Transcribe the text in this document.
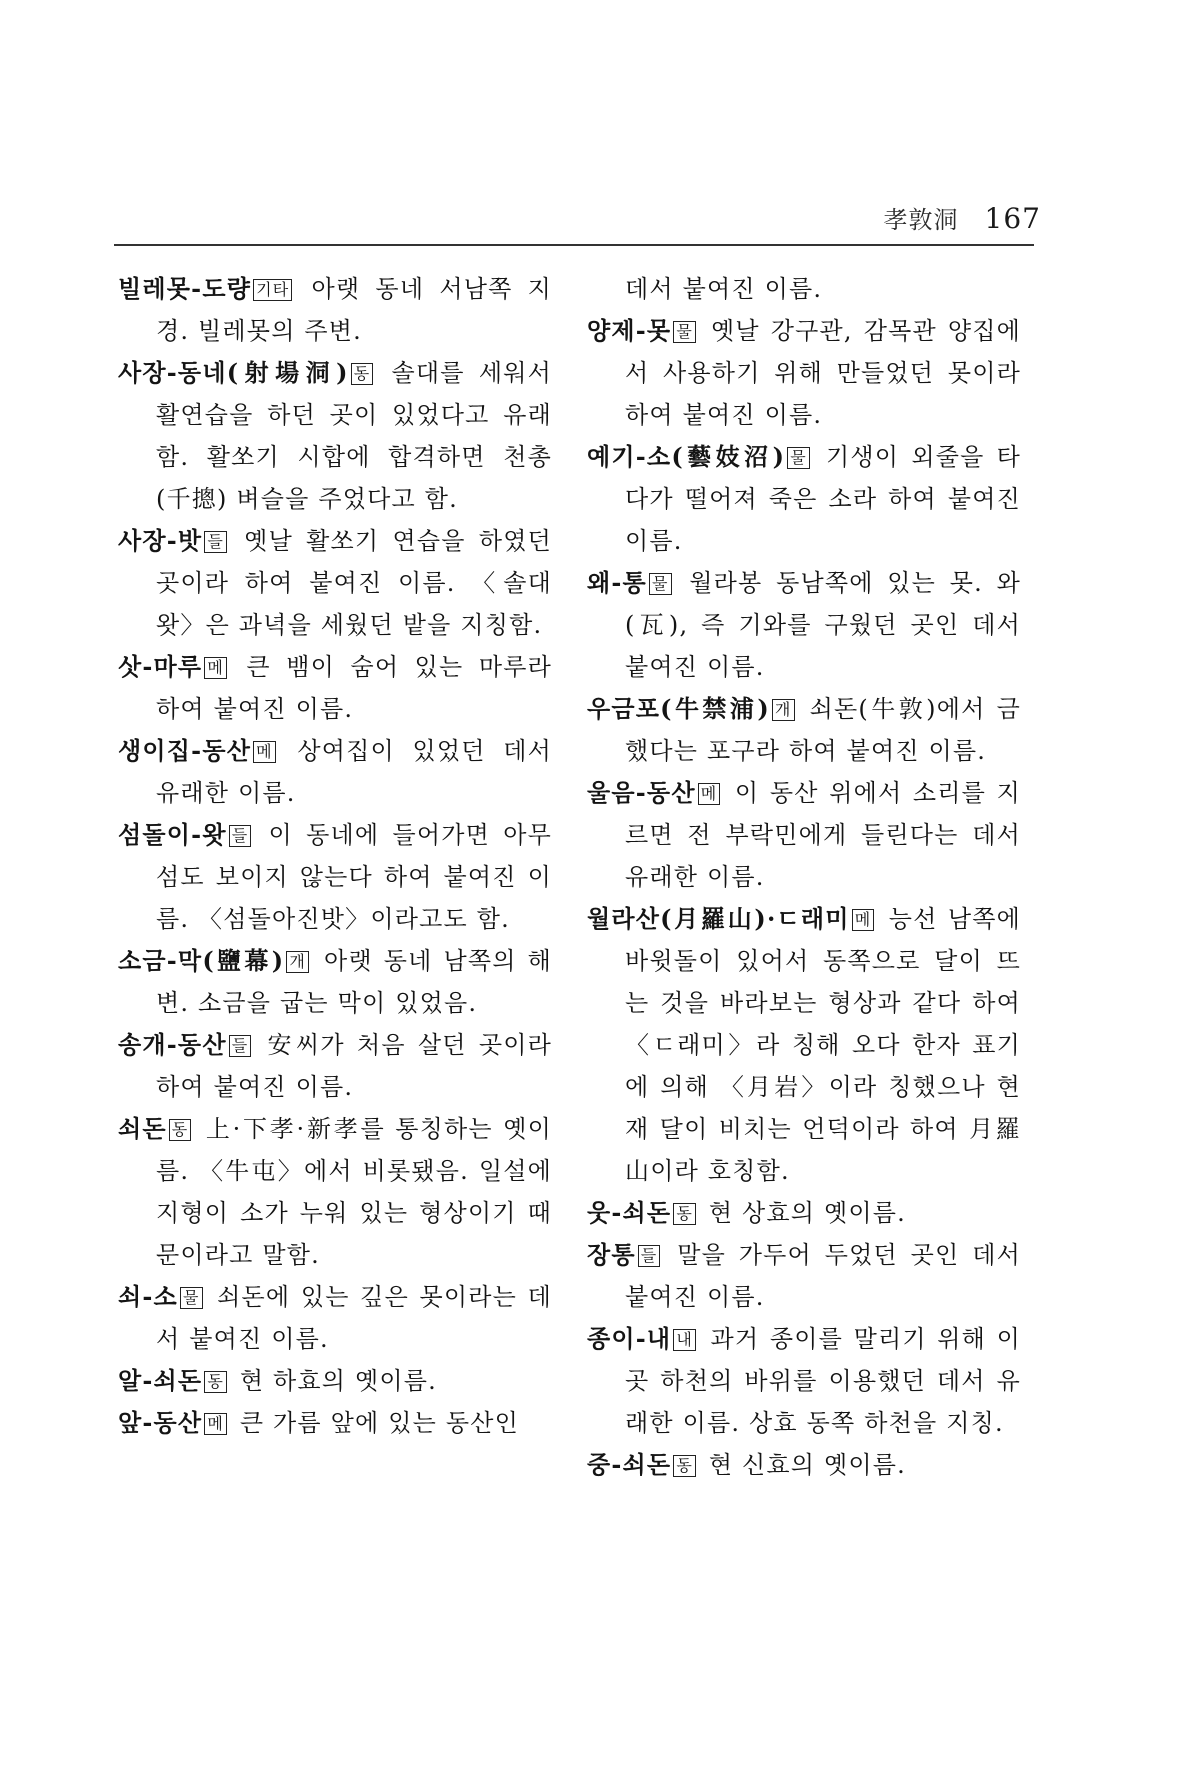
孝敦洞 167

빌레못-도량 기타 아랫 동네 서남쪽 지경. 빌레못의 주변.

사장-동네(射場洞) 동 솔대를 세워서 활연습을 하던 곳이 있었다고 유래함. 활쏘기 시합에 합격하면 천총(千摠) 벼슬을 주었다고 함.

사장-밧 들 옛날 활쏘기 연습을 하였던 곳이라 하여 붙여진 이름. 〈솔대왓〉은 과녁을 세웠던 밭을 지칭함.

삿-마루 메 큰 뱀이 숨어 있는 마루라 하여 붙여진 이름.

생이집-동산 메 상여집이 있었던 데서 유래한 이름.

섬돌이-왓 들 이 동네에 들어가면 아무 섬도 보이지 않는다 하여 붙여진 이름. 〈섬돌아진밧〉이라고도 함.

소금-막(鹽幕) 개 아랫 동네 남쪽의 해변. 소금을 굽는 막이 있었음.

송개-동산 들 安씨가 처음 살던 곳이라 하여 붙여진 이름.

쇠돈 동 上·下孝·新孝를 통칭하는 옛이름. 〈牛屯〉에서 비롯됐음. 일설에 지형이 소가 누워 있는 형상이기 때문이라고 말함.

쇠-소 물 쇠돈에 있는 깊은 못이라는 데서 붙여진 이름.

알-쇠돈 동 현 하효의 옛이름.

앞-동산 메 큰 가름 앞에 있는 동산인

데서 붙여진 이름.

양제-못 물 옛날 강구관, 감목관 양집에서 사용하기 위해 만들었던 못이라 하여 붙여진 이름.

예기-소(藝妓沼) 물 기생이 외줄을 타다가 떨어져 죽은 소라 하여 붙여진 이름.

왜-통 물 월라봉 동남쪽에 있는 못. 와(瓦), 즉 기와를 구웠던 곳인 데서 붙여진 이름.

우금포(牛禁浦) 개 쇠돈(牛敦)에서 금했다는 포구라 하여 붙여진 이름.

울음-동산 메 이 동산 위에서 소리를 지르면 전 부락민에게 들린다는 데서 유래한 이름.

월라산(月羅山)·ㄷ래미 메 능선 남쪽에 바윗돌이 있어서 동쪽으로 달이 뜨는 것을 바라보는 형상과 같다 하여 〈ㄷ래미〉라 칭해 오다 한자 표기에 의해 〈月岩〉이라 칭했으나 현재 달이 비치는 언덕이라 하여 月羅山이라 호칭함.

웃-쇠돈 동 현 상효의 옛이름.

장통 들 말을 가두어 두었던 곳인 데서 붙여진 이름.

종이-내 내 과거 종이를 말리기 위해 이곳 하천의 바위를 이용했던 데서 유래한 이름. 상효 동쪽 하천을 지칭.

중-쇠돈 동 현 신효의 옛이름.
